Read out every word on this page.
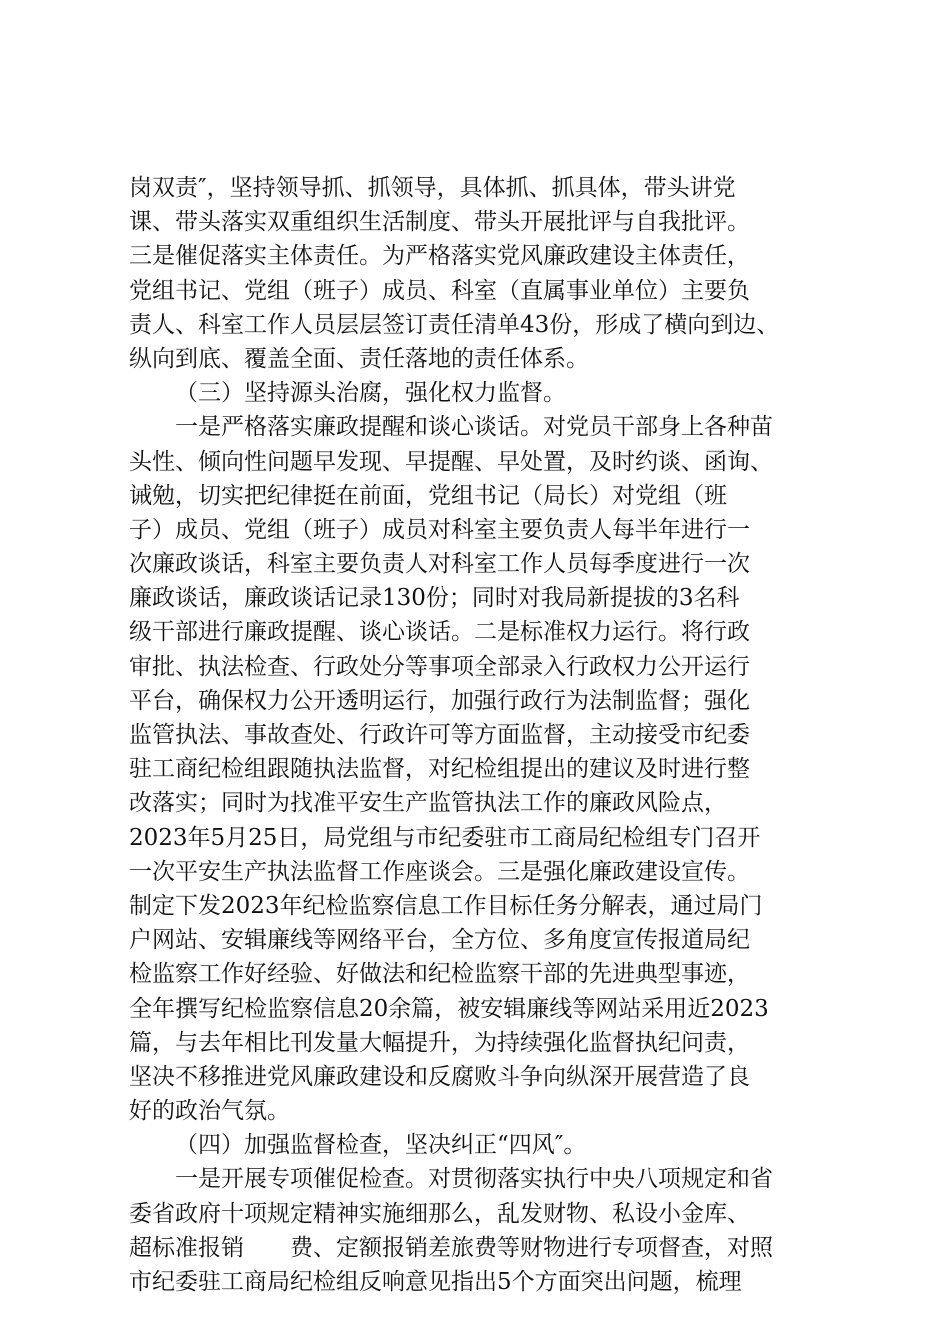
岗双责″，坚持领导抓、抓领导，具体抓、抓具体，带头讲党
课、带头落实双重组织生活制度、带头开展批评与自我批评。
三是催促落实主体责任。为严格落实党风廉政建设主体责任，
党组书记、党组（班子）成员、科室（直属事业单位）主要负
责人、科室工作人员层层签订责任清单43份，形成了横向到边、
纵向到底、覆盖全面、责任落地的责任体系。
（三）坚持源头治腐，强化权力监督。
一是严格落实廉政提醒和谈心谈话。对党员干部身上各种苗
头性、倾向性问题早发现、早提醒、早处置，及时约谈、函询、
诫勉，切实把纪律挺在前面，党组书记（局长）对党组（班
子）成员、党组（班子）成员对科室主要负责人每半年进行一
次廉政谈话，科室主要负责人对科室工作人员每季度进行一次
廉政谈话，廉政谈话记录130份；同时对我局新提拔的3名科
级干部进行廉政提醒、谈心谈话。二是标准权力运行。将行政
审批、执法检查、行政处分等事项全部录入行政权力公开运行
平台，确保权力公开透明运行，加强行政行为法制监督；强化
监管执法、事故查处、行政许可等方面监督，主动接受市纪委
驻工商纪检组跟随执法监督，对纪检组提出的建议及时进行整
改落实；同时为找准平安生产监管执法工作的廉政风险点，
2023年5月25日，局党组与市纪委驻市工商局纪检组专门召开
一次平安生产执法监督工作座谈会。三是强化廉政建设宣传。
制定下发2023年纪检监察信息工作目标任务分解表，通过局门
户网站、安辑廉线等网络平台，全方位、多角度宣传报道局纪
检监察工作好经验、好做法和纪检监察干部的先进典型事迹，
全年撰写纪检监察信息20余篇，被安辑廉线等网站采用近2023
篇，与去年相比刊发量大幅提升，为持续强化监督执纪问责，
坚决不移推进党风廉政建设和反腐败斗争向纵深开展营造了良
好的政治气氛。
（四）加强监督检查，坚决纠正“四风″。
一是开展专项催促检查。对贯彻落实执行中央八项规定和省
委省政府十项规定精神实施细那么，乱发财物、私设小金库、
超标准报销　　费、定额报销差旅费等财物进行专项督查，对照
市纪委驻工商局纪检组反响意见指出5个方面突出问题，梳理
